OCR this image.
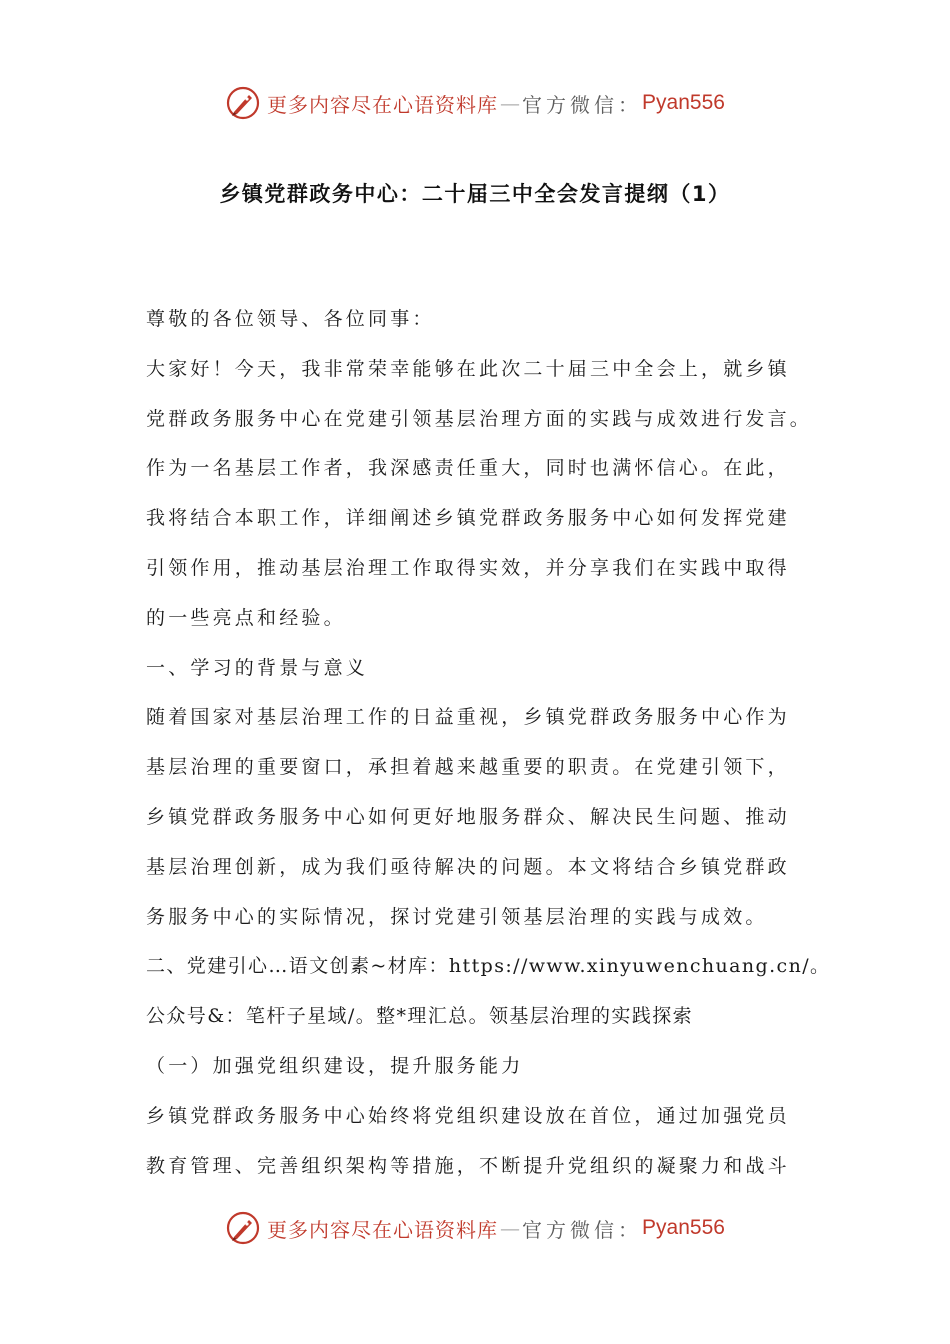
更多内容尽在心语资料库 — 官方微信： Pyan556
乡镇党群政务中心：二十届三中全会发言提纲（1）
尊敬的各位领导、各位同事：
大家好！今天，我非常荣幸能够在此次二十届三中全会上，就乡镇
党群政务服务中心在党建引领基层治理方面的实践与成效进行发言。
作为一名基层工作者，我深感责任重大，同时也满怀信心。在此，
我将结合本职工作，详细阐述乡镇党群政务服务中心如何发挥党建
引领作用，推动基层治理工作取得实效，并分享我们在实践中取得
的一些亮点和经验。
一、学习的背景与意义
随着国家对基层治理工作的日益重视，乡镇党群政务服务中心作为
基层治理的重要窗口，承担着越来越重要的职责。在党建引领下，
乡镇党群政务服务中心如何更好地服务群众、解决民生问题、推动
基层治理创新，成为我们亟待解决的问题。本文将结合乡镇党群政
务服务中心的实际情况，探讨党建引领基层治理的实践与成效。
二、党建引心…语文创素~材库：https://www.xinyuwenchuang.cn/。
公众号&：笔杆子星域/。整*理汇总。领基层治理的实践探索
（一）加强党组织建设，提升服务能力
乡镇党群政务服务中心始终将党组织建设放在首位，通过加强党员
教育管理、完善组织架构等措施，不断提升党组织的凝聚力和战斗
更多内容尽在心语资料库 — 官方微信： Pyan556
